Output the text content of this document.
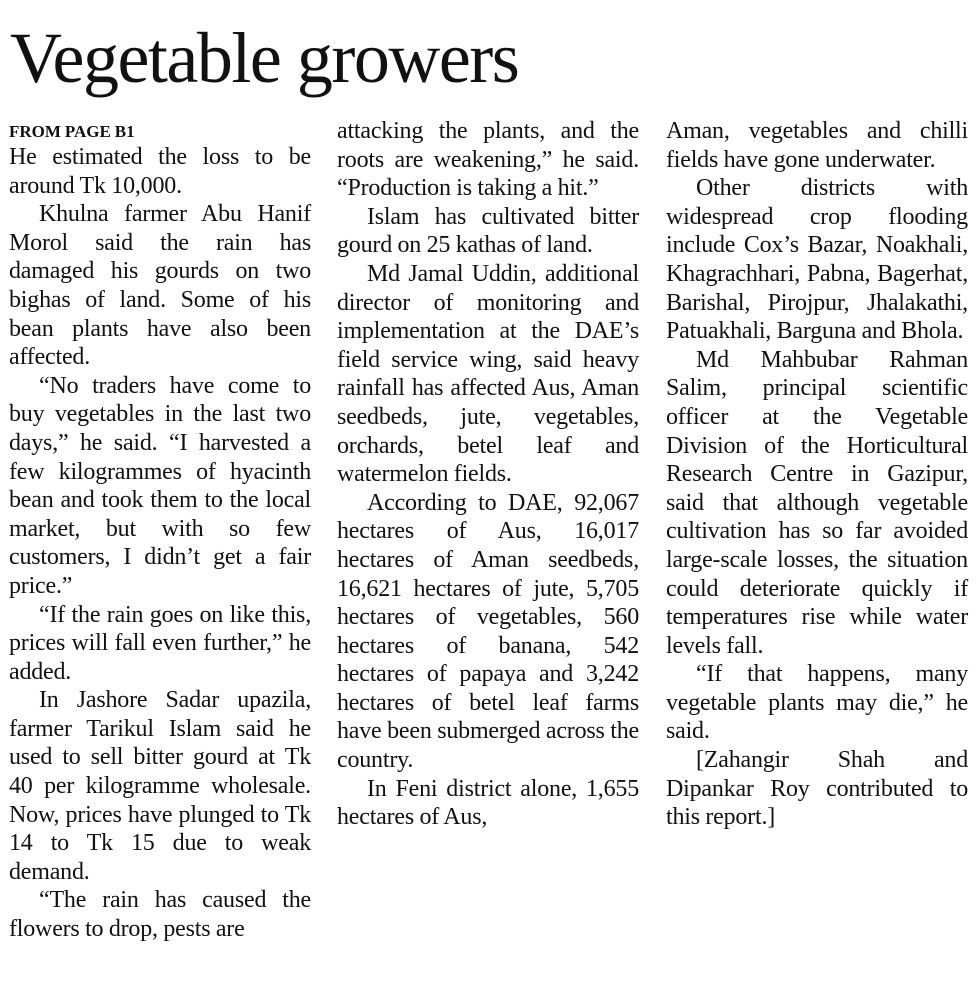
Vegetable growers
FROM PAGE B1

He estimated the loss to be around Tk 10,000.

Khulna farmer Abu Hanif Morol said the rain has damaged his gourds on two bighas of land. Some of his bean plants have also been affected.

“No traders have come to buy vegetables in the last two days,” he said. “I harvested a few kilogrammes of hyacinth bean and took them to the local market, but with so few customers, I didn’t get a fair price.”

“If the rain goes on like this, prices will fall even further,” he added.

In Jashore Sadar upazila, farmer Tarikul Islam said he used to sell bitter gourd at Tk 40 per kilogramme wholesale. Now, prices have plunged to Tk 14 to Tk 15 due to weak demand.

“The rain has caused the flowers to drop, pests are

attacking the plants, and the roots are weakening,” he said. “Production is taking a hit.”

Islam has cultivated bitter gourd on 25 kathas of land.

Md Jamal Uddin, additional director of monitoring and implementation at the DAE’s field service wing, said heavy rainfall has affected Aus, Aman seedbeds, jute, vegetables, orchards, betel leaf and watermelon fields.

According to DAE, 92,067 hectares of Aus, 16,017 hectares of Aman seedbeds, 16,621 hectares of jute, 5,705 hectares of vegetables, 560 hectares of banana, 542 hectares of papaya and 3,242 hectares of betel leaf farms have been submerged across the country.

In Feni district alone, 1,655 hectares of Aus,

Aman, vegetables and chilli fields have gone underwater.

Other districts with widespread crop flooding include Cox’s Bazar, Noakhali, Khagrachhari, Pabna, Bagerhat, Barishal, Pirojpur, Jhalakathi, Patuakhali, Barguna and Bhola.

Md Mahbubar Rahman Salim, principal scientific officer at the Vegetable Division of the Horticultural Research Centre in Gazipur, said that although vegetable cultivation has so far avoided large-scale losses, the situation could deteriorate quickly if temperatures rise while water levels fall.

“If that happens, many vegetable plants may die,” he said.

[Zahangir Shah and Dipankar Roy contributed to this report.]
